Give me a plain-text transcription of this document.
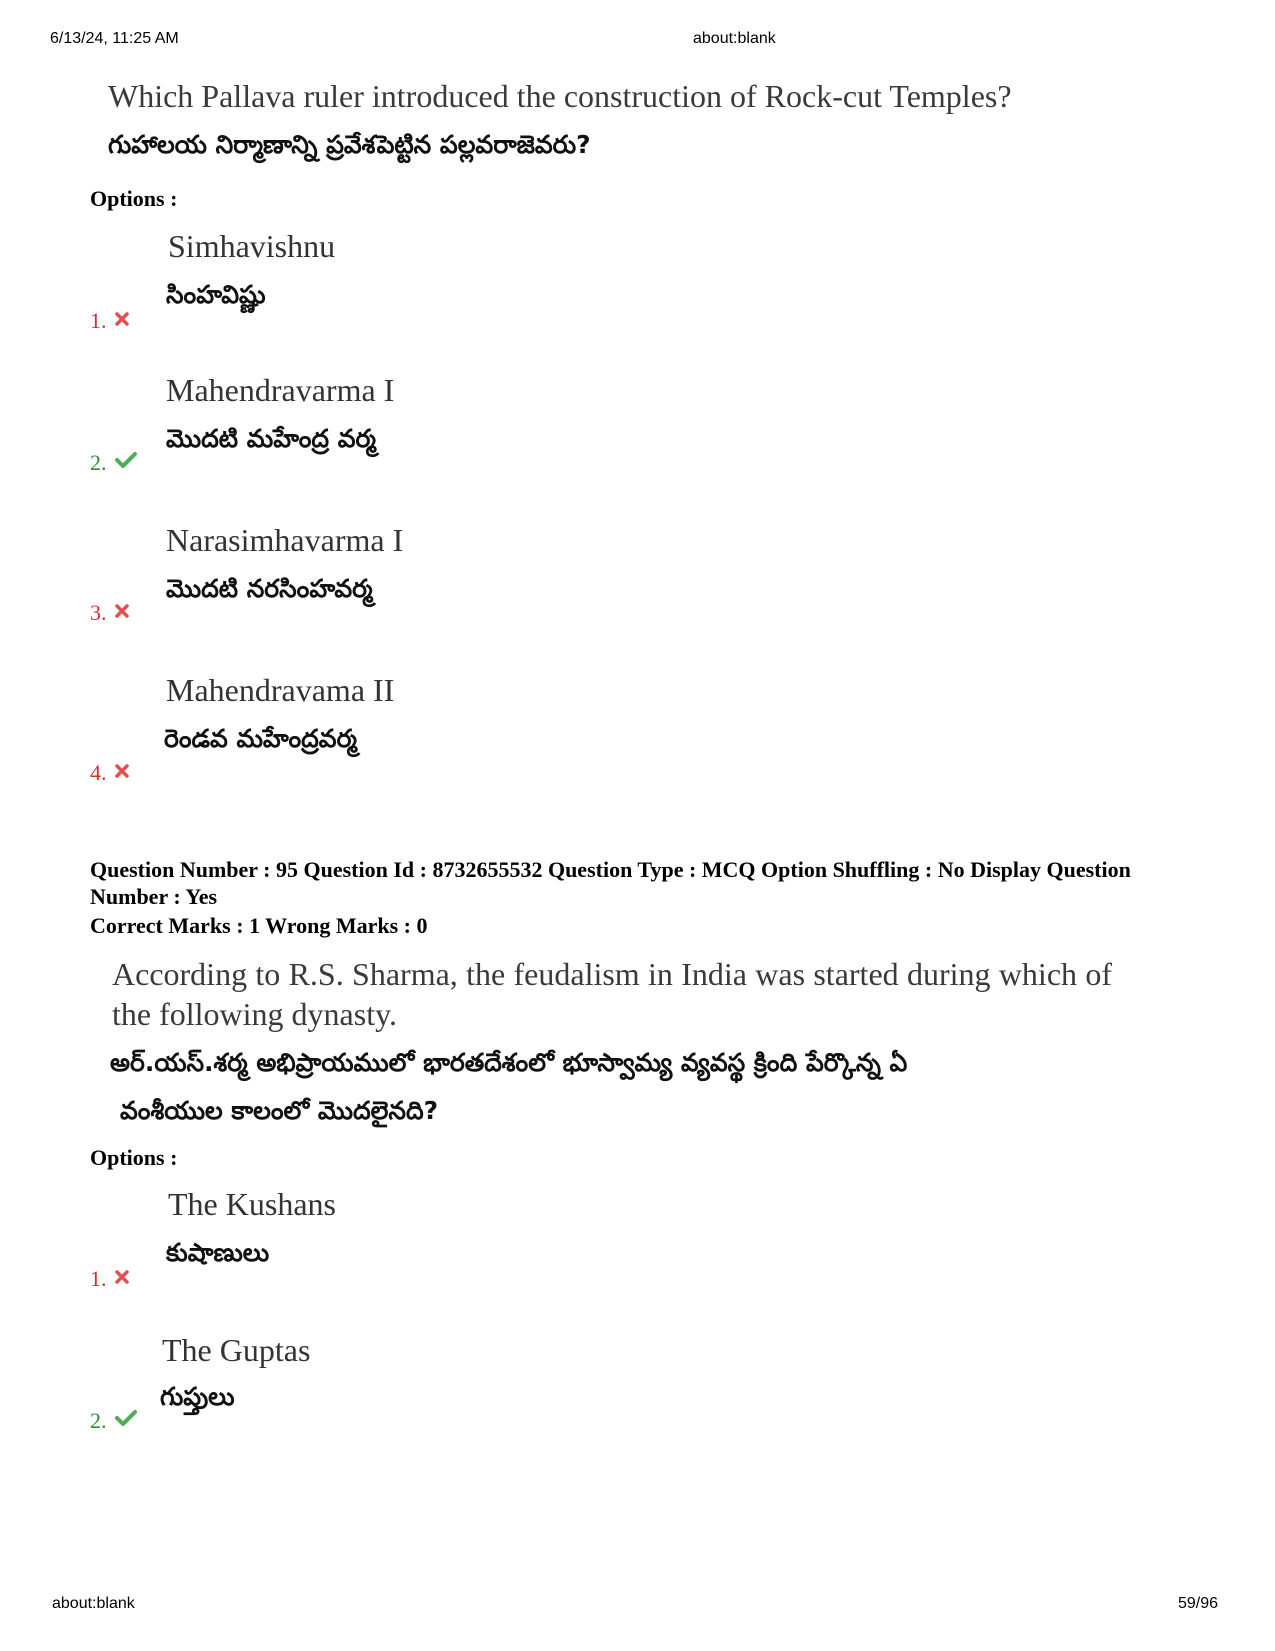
6/13/24, 11:25 AM	about:blank
Which Pallava ruler introduced the construction of Rock-cut Temples?
గుహాలయ నిర్మాణాన్ని ప్రవేశపెట్టిన పల్లవరాజెవరు?
Options :
Simhavishnu
సింహవిష్ణు
1.
Mahendravarma I
మొదటి మహేంద్ర వర్మ
2.
Narasimhavarma I
మొదటి నరసింహవర్మ
3.
Mahendravama II
రెండవ మహేంద్రవర్మ
4.
Question Number : 95 Question Id : 8732655532 Question Type : MCQ Option Shuffling : No Display Question Number : Yes
Correct Marks : 1 Wrong Marks : 0
According to R.S. Sharma, the feudalism in India was started during which of the following dynasty.
అర్.యస్.శర్మ అభిప్రాయములో భారతదేశంలో భూస్వామ్య వ్యవస్థ క్రింది పేర్కొన్న ఏ
వంశీయుల కాలంలో మొదలైనది?
Options :
The Kushans
కుషాణులు
1.
The Guptas
గుప్తులు
2.
about:blank	59/96
